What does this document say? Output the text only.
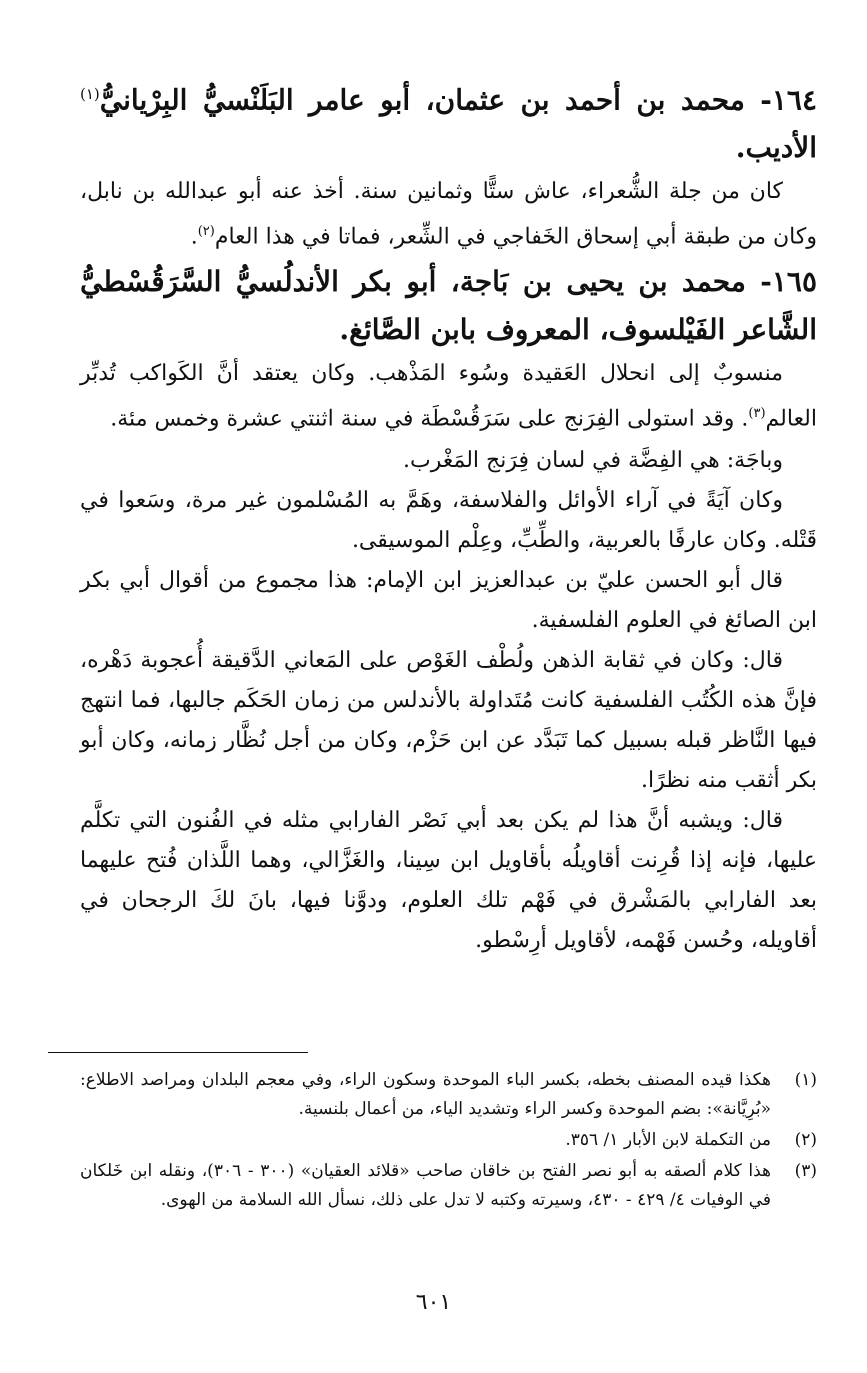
١٦٤- محمد بن أحمد بن عثمان، أبو عامر البَلَنْسيُّ البِرْيانيُّ$^{(١)}$ الأديب.

كان من جلة الشُّعراء، عاش ستًّا وثمانين سنة. أخذ عنه أبو عبدالله بن نابل، وكان من طبقة أبي إسحاق الخَفاجي في الشِّعر، فماتا في هذا العام$^{(٢)}$.

١٦٥- محمد بن يحيى بن بَاجة، أبو بكر الأندلُسيُّ السَّرَقُسْطيُّ الشَّاعر الفَيْلسوف، المعروف بابن الصَّائغ.

منسوبٌ إلى انحلال العَقيدة وسُوء المَذْهب. وكان يعتقد أنَّ الكَواكب تُدبِّر العالم$^{(٣)}$. وقد استولى الفِرَنج على سَرَقُسْطَة في سنة اثنتي عشرة وخمس مئة.

وباجَة: هي الفِضَّة في لسان فِرَنج المَغْرب.

وكان آيَةً في آراء الأوائل والفلاسفة، وهَمَّ به المُسْلمون غير مرة، وسَعوا في قَتْله. وكان عارفًا بالعربية، والطِّبِّ، وعِلْم الموسيقى.

قال أبو الحسن عليّ بن عبدالعزيز ابن الإمام: هذا مجموع من أقوال أبي بكر ابن الصائغ في العلوم الفلسفية.

قال: وكان في ثقابة الذهن ولُطْف الغَوْص على المَعاني الدَّقيقة أُعجوبة دَهْره، فإنَّ هذه الكُتُب الفلسفية كانت مُتَداولة بالأندلس من زمان الحَكَم جالبها، فما انتهج فيها النَّاظر قبله بسبيل كما تَبَدَّد عن ابن حَزْم، وكان من أجل نُظَّار زمانه، وكان أبو بكر أثقب منه نظرًا.

قال: ويشبه أنَّ هذا لم يكن بعد أبي نَصْر الفارابي مثله في الفُنون التي تكلَّم عليها، فإنه إذا قُرِنت أقاويلُه بأقاويل ابن سِينا، والغَزَّالي، وهما اللَّذان فُتح عليهما بعد الفارابي بالمَشْرق في فَهْم تلك العلوم، ودوَّنا فيها، بانَ لكَ الرجحان في أقاويله، وحُسن فَهْمه، لأقاويل أرِسْطو.

(١)
هكذا قيده المصنف بخطه، بكسر الباء الموحدة وسكون الراء، وفي معجم البلدان ومراصد الاطلاع: «بُرِيَّانة»: بضم الموحدة وكسر الراء وتشديد الياء، من أعمال بلنسية.
(٢)
من التكملة لابن الأبار ١/ ٣٥٦.
(٣)
هذا كلام ألصقه به أبو نصر الفتح بن خاقان صاحب «قلائد العقيان» (٣٠٠ - ٣٠٦)، ونقله ابن خَلكان في الوفيات ٤/ ٤٢٩ - ٤٣٠، وسيرته وكتبه لا تدل على ذلك، نسأل الله السلامة من الهوى.
٦٠١
